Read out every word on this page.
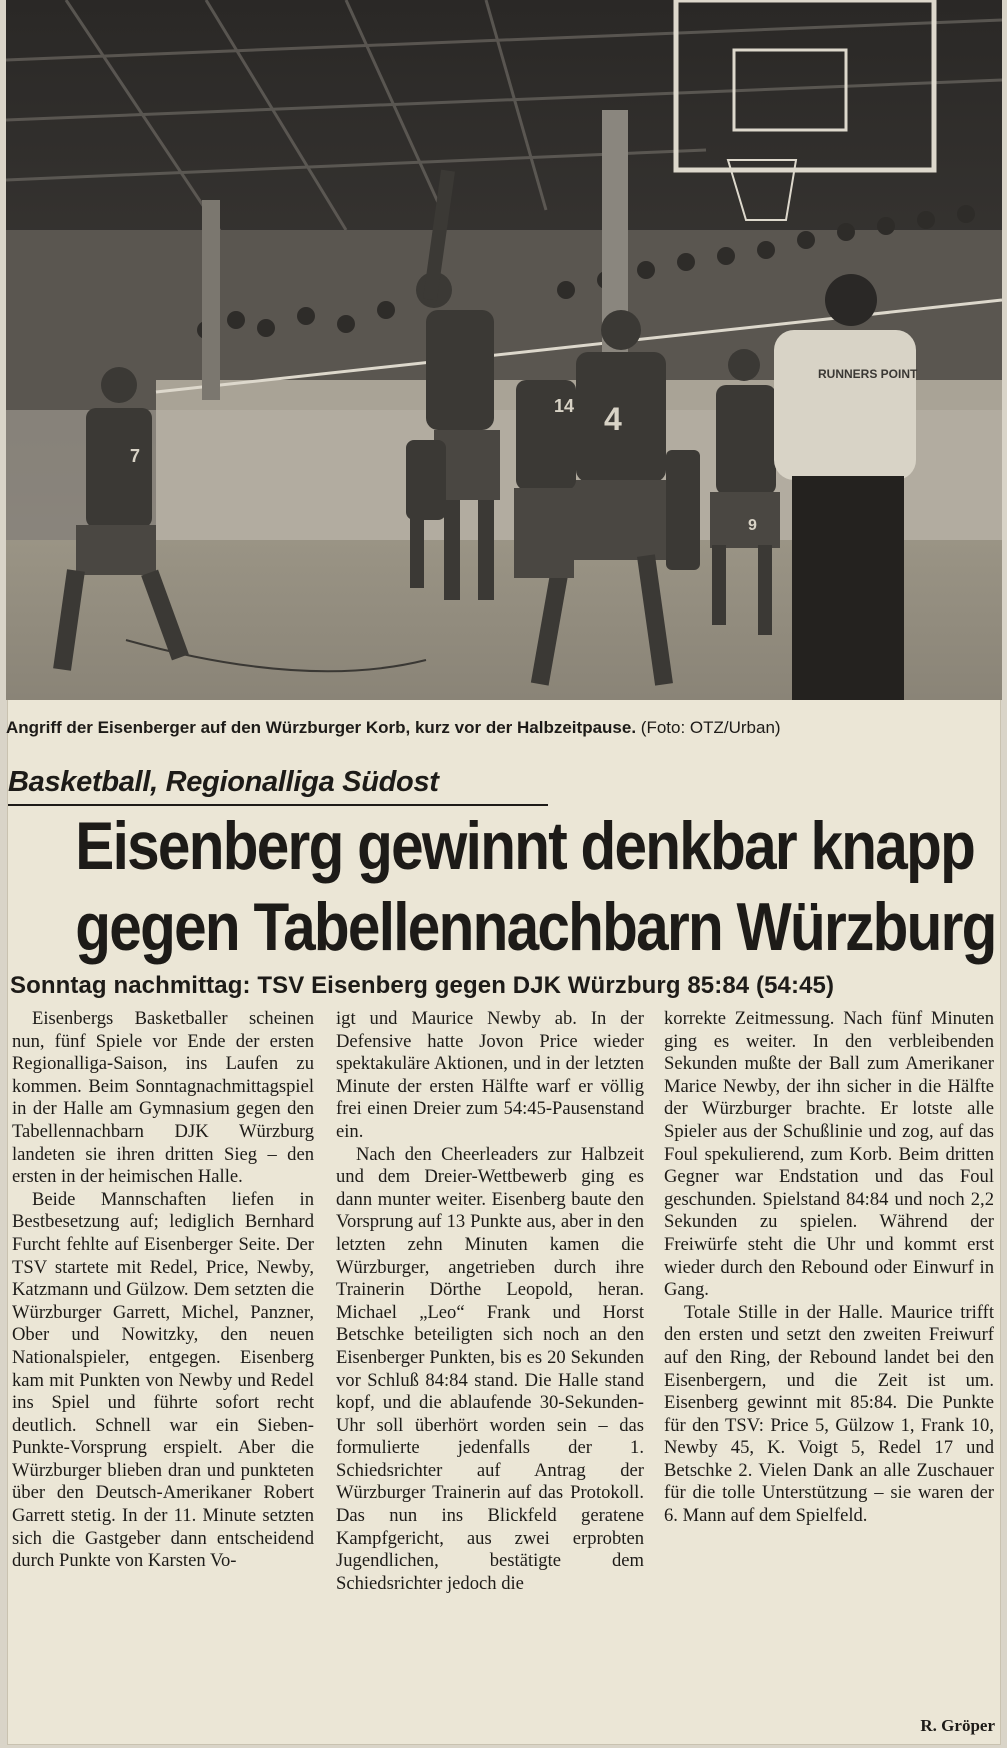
7
4
14
9
RUNNERS POINT
Angriff der Eisenberger auf den Würzburger Korb, kurz vor der Halbzeitpause. (Foto: OTZ/Urban)
Basketball, Regionalliga Südost
Eisenberg gewinnt denkbar knapp
gegen Tabellennachbarn Würzburg
Sonntag nachmittag: TSV Eisenberg gegen DJK Würzburg 85:84 (54:45)

Eisenbergs Basketballer scheinen nun, fünf Spiele vor Ende der ersten Regionalliga-Saison, ins Laufen zu kommen. Beim Sonntagnachmittagspiel in der Halle am Gymnasium gegen den Tabellennachbarn DJK Würzburg landeten sie ihren dritten Sieg – den ersten in der heimischen Halle.

Beide Mannschaften liefen in Bestbesetzung auf; lediglich Bernhard Furcht fehlte auf Eisenberger Seite. Der TSV startete mit Redel, Price, Newby, Katzmann und Gülzow. Dem setzten die Würzburger Garrett, Michel, Panzner, Ober und Nowitzky, den neuen Nationalspieler, entgegen. Eisenberg kam mit Punkten von Newby und Redel ins Spiel und führte sofort recht deutlich. Schnell war ein Sieben-Punkte-Vorsprung erspielt. Aber die Würzburger blieben dran und punkteten über den Deutsch-Amerikaner Robert Garrett stetig. In der 11. Minute setzten sich die Gastgeber dann entscheidend durch Punkte von Karsten Vo-

igt und Maurice Newby ab. In der Defensive hatte Jovon Price wieder spektakuläre Aktionen, und in der letzten Minute der ersten Hälfte warf er völlig frei einen Dreier zum 54:45-Pausenstand ein.

Nach den Cheerleaders zur Halbzeit und dem Dreier-Wettbewerb ging es dann munter weiter. Eisenberg baute den Vorsprung auf 13 Punkte aus, aber in den letzten zehn Minuten kamen die Würzburger, angetrieben durch ihre Trainerin Dörthe Leopold, heran. Michael „Leo“ Frank und Horst Betschke beteiligten sich noch an den Eisenberger Punkten, bis es 20 Sekunden vor Schluß 84:84 stand. Die Halle stand kopf, und die ablaufende 30-Sekunden-Uhr soll überhört worden sein – das formulierte jedenfalls der 1. Schiedsrichter auf Antrag der Würzburger Trainerin auf das Protokoll. Das nun ins Blickfeld geratene Kampfgericht, aus zwei erprobten Jugendlichen, bestätigte dem Schiedsrichter jedoch die

korrekte Zeitmessung. Nach fünf Minuten ging es weiter. In den verbleibenden Sekunden mußte der Ball zum Amerikaner Marice Newby, der ihn sicher in die Hälfte der Würzburger brachte. Er lotste alle Spieler aus der Schußlinie und zog, auf das Foul spekulierend, zum Korb. Beim dritten Gegner war Endstation und das Foul geschunden. Spielstand 84:84 und noch 2,2 Sekunden zu spielen. Während der Freiwürfe steht die Uhr und kommt erst wieder durch den Rebound oder Einwurf in Gang.

Totale Stille in der Halle. Maurice trifft den ersten und setzt den zweiten Freiwurf auf den Ring, der Rebound landet bei den Eisenbergern, und die Zeit ist um. Eisenberg gewinnt mit 85:84. Die Punkte für den TSV: Price 5, Gülzow 1, Frank 10, Newby 45, K. Voigt 5, Redel 17 und Betschke 2. Vielen Dank an alle Zuschauer für die tolle Unterstützung – sie waren der 6. Mann auf dem Spielfeld.

R. Gröper
